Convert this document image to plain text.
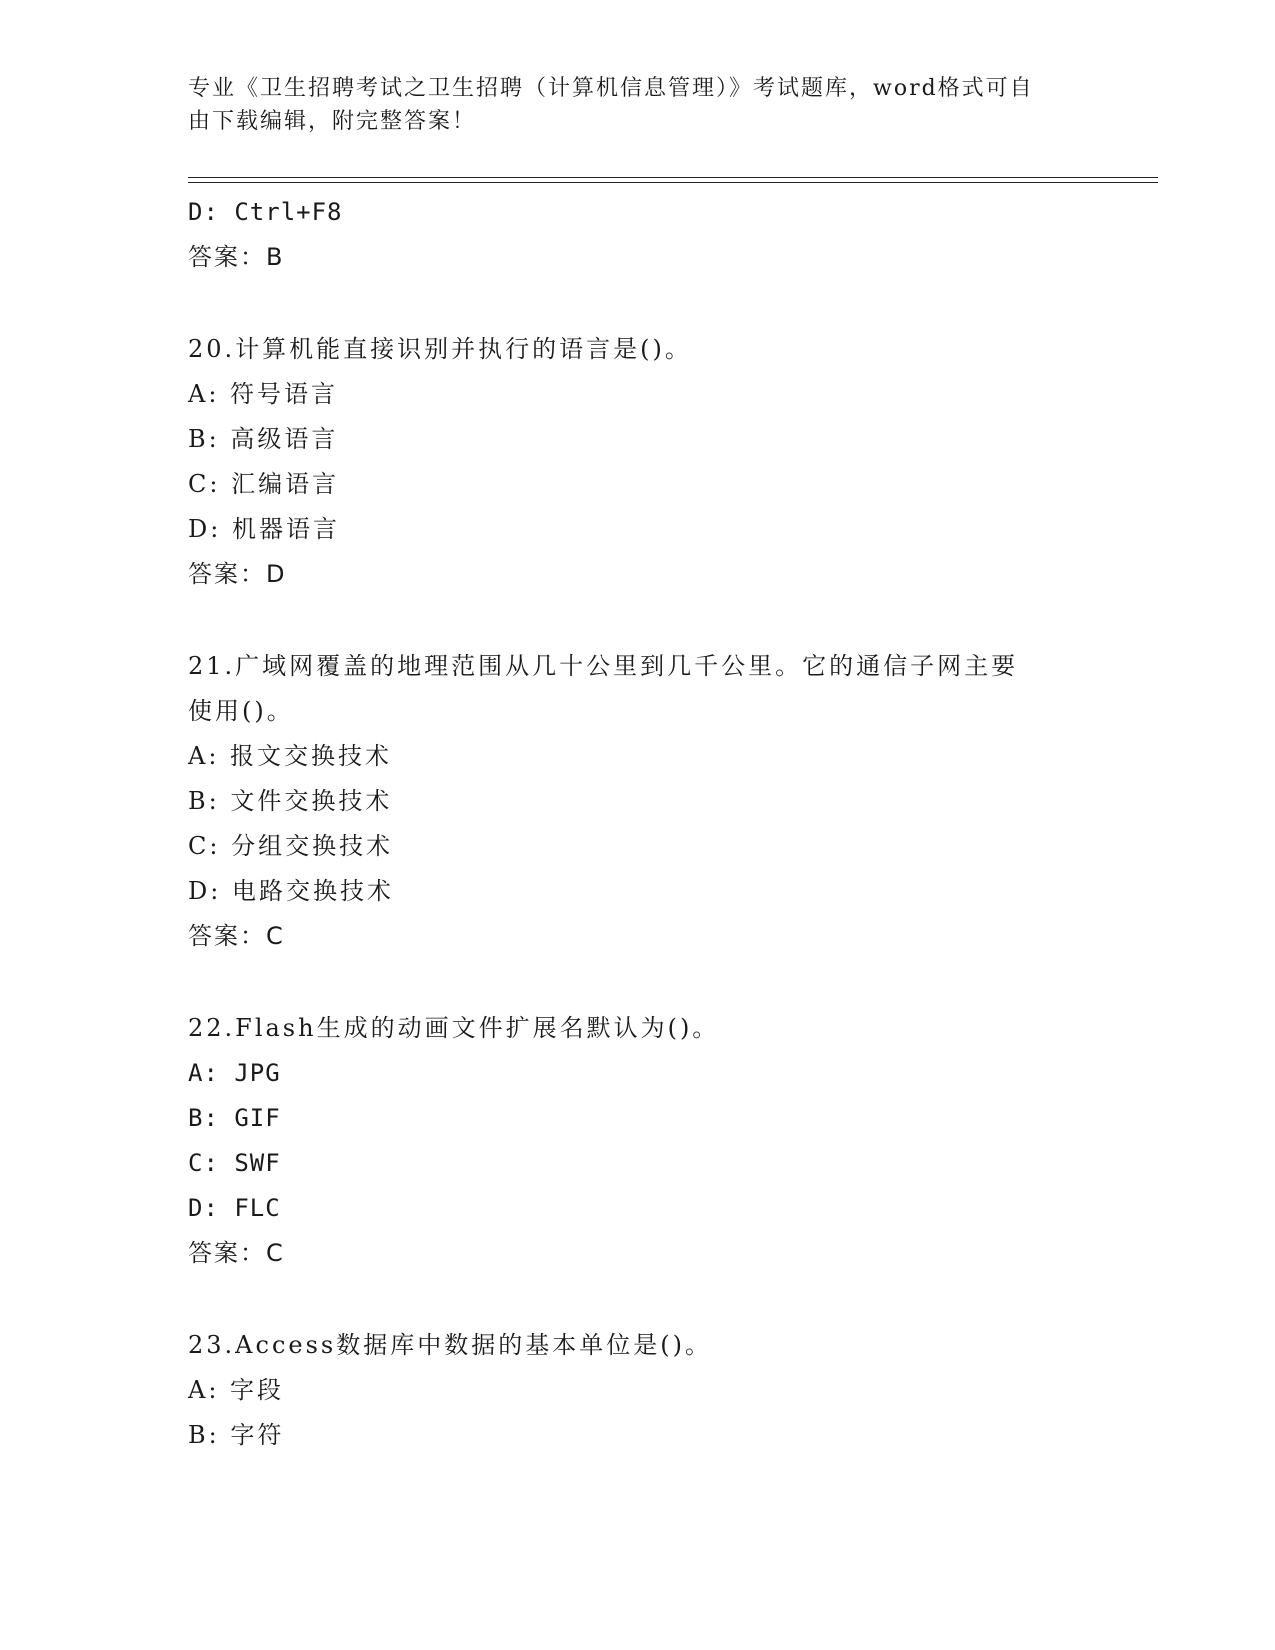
专业《卫生招聘考试之卫生招聘（计算机信息管理）》考试题库，word格式可自
由下载编辑，附完整答案！
D: Ctrl+F8
答案：B
20.计算机能直接识别并执行的语言是()。
A: 符号语言
B: 高级语言
C: 汇编语言
D: 机器语言
答案：D
21.广域网覆盖的地理范围从几十公里到几千公里。它的通信子网主要
使用()。
A: 报文交换技术
B: 文件交换技术
C: 分组交换技术
D: 电路交换技术
答案：C
22.Flash生成的动画文件扩展名默认为()。
A: JPG
B: GIF
C: SWF
D: FLC
答案：C
23.Access数据库中数据的基本单位是()。
A: 字段
B: 字符
